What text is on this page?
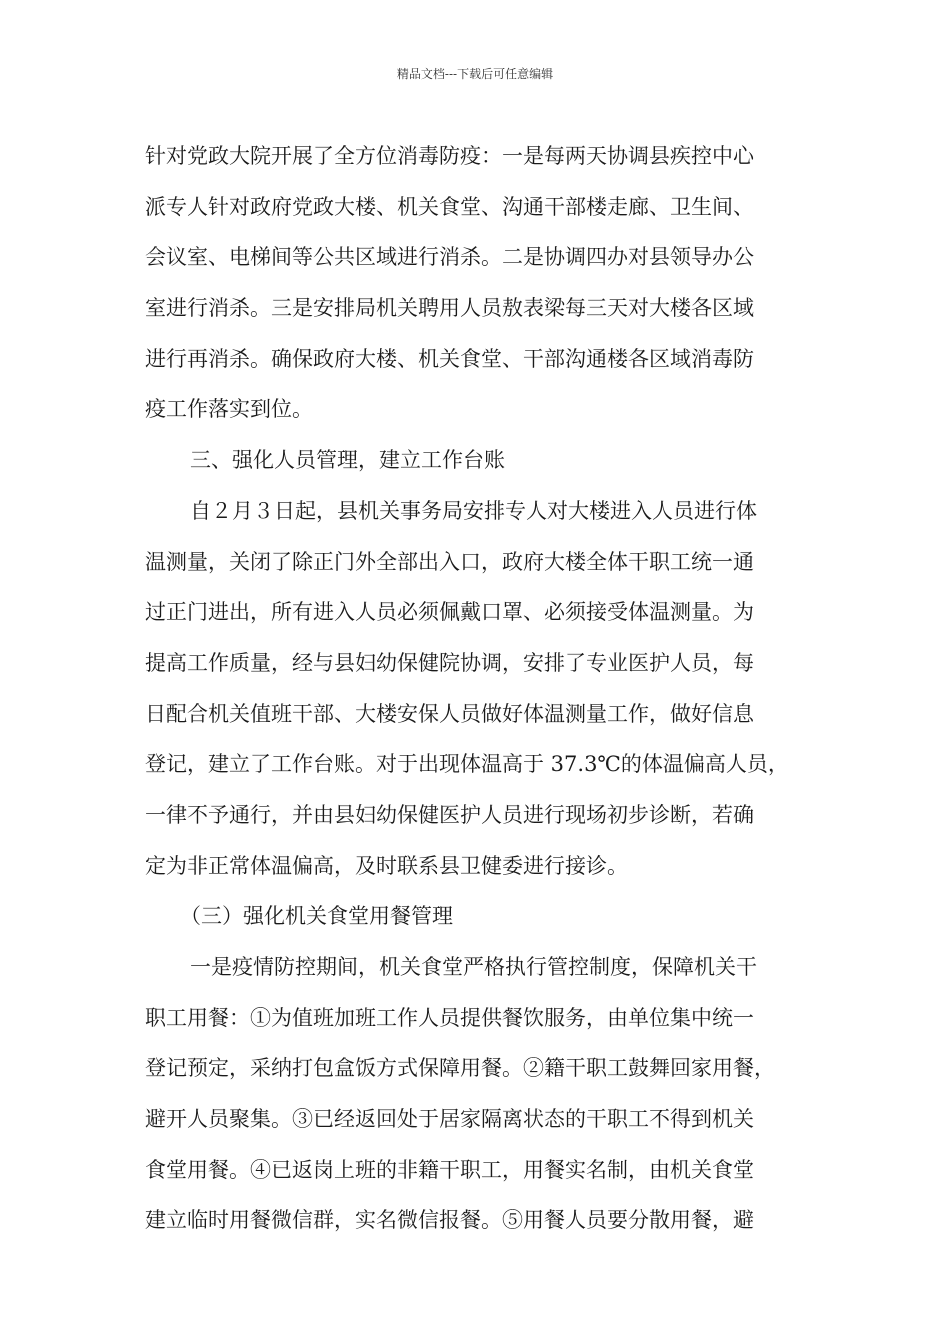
精品文档---下载后可任意编辑
针对党政大院开展了全方位消毒防疫：一是每两天协调县疾控中心
派专人针对政府党政大楼、机关食堂、沟通干部楼走廊、卫生间、
会议室、电梯间等公共区域进行消杀。二是协调四办对县领导办公
室进行消杀。三是安排局机关聘用人员敖表梁每三天对大楼各区域
进行再消杀。确保政府大楼、机关食堂、干部沟通楼各区域消毒防
疫工作落实到位。
三、强化人员管理，建立工作台账
自２月３日起，县机关事务局安排专人对大楼进入人员进行体
温测量，关闭了除正门外全部出入口，政府大楼全体干职工统一通
过正门进出，所有进入人员必须佩戴口罩、必须接受体温测量。为
提高工作质量，经与县妇幼保健院协调，安排了专业医护人员，每
日配合机关值班干部、大楼安保人员做好体温测量工作，做好信息
登记，建立了工作台账。对于出现体温高于 37.3℃的体温偏高人员，
一律不予通行，并由县妇幼保健医护人员进行现场初步诊断，若确
定为非正常体温偏高，及时联系县卫健委进行接诊。
（三）强化机关食堂用餐管理
一是疫情防控期间，机关食堂严格执行管控制度，保障机关干
职工用餐：①为值班加班工作人员提供餐饮服务，由单位集中统一
登记预定，采纳打包盒饭方式保障用餐。②籍干职工鼓舞回家用餐，
避开人员聚集。③已经返回处于居家隔离状态的干职工不得到机关
食堂用餐。④已返岗上班的非籍干职工，用餐实名制，由机关食堂
建立临时用餐微信群，实名微信报餐。⑤用餐人员要分散用餐，避
